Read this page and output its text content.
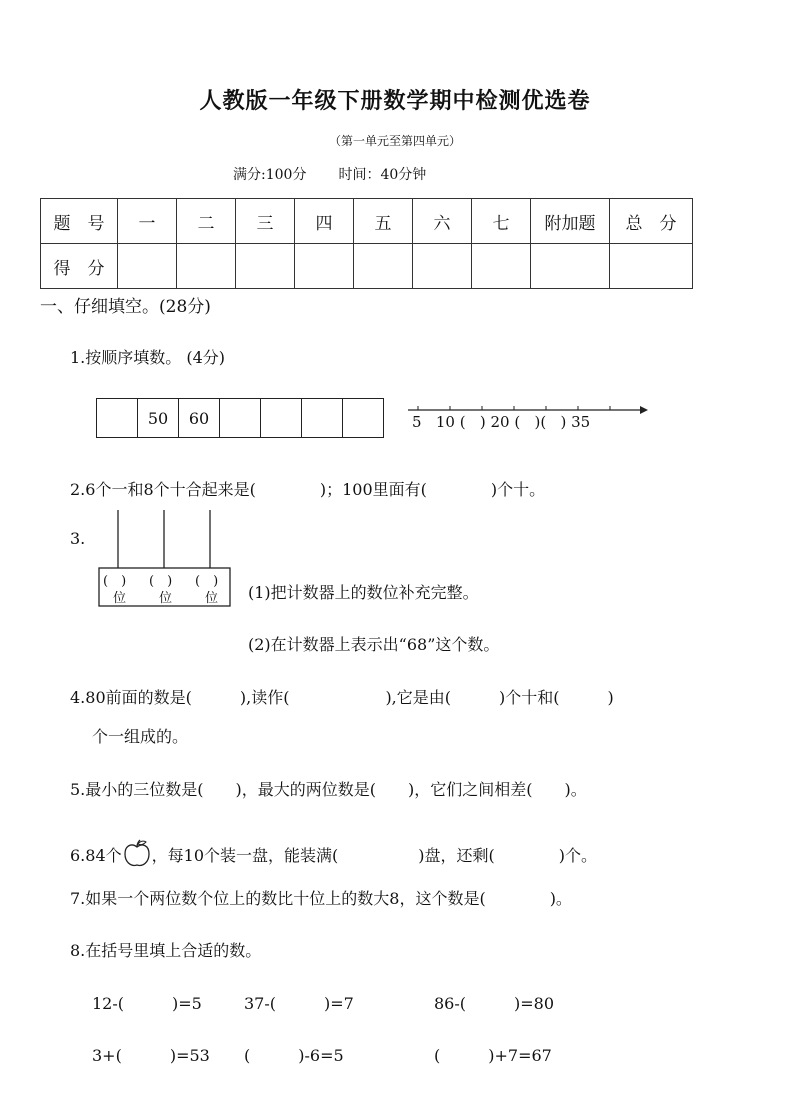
人教版一年级下册数学期中检测优选卷
（第一单元至第四单元）
满分:100分 时间：40分钟
题　号	一	二	三	四	五	六	七	附加题	总　分
得　分									
一、仔细填空。(28分)
1.按顺序填数。 (4分)
	50	60					5   10 (   ) 20 (   )(   ) 35
2.6个一和8个十合起来是(　　　　)；100里面有(　　　　)个十。
3.
(　) (　) (　)
位	位	位 (1)把计数器上的数位补充完整。
(2)在计数器上表示出“68”这个数。
4.80前面的数是(　　　),读作(　　　　　　),它是由(　　　)个十和(　　　)
个一组成的。
5.最小的三位数是(　　)，最大的两位数是(　　)，它们之间相差(　　)。
6.84个 ，每10个装一盘，能装满(　　　　　)盘，还剩(　　　　)个。
7.如果一个两位数个位上的数比十位上的数大8，这个数是(　　　　)。
8.在括号里填上合适的数。
12-(　　　)=5	37-(　　　)=7	86-(　　　)=80
3+(　　　)=53 (　　　)-6=5	(　　　)+7=67
